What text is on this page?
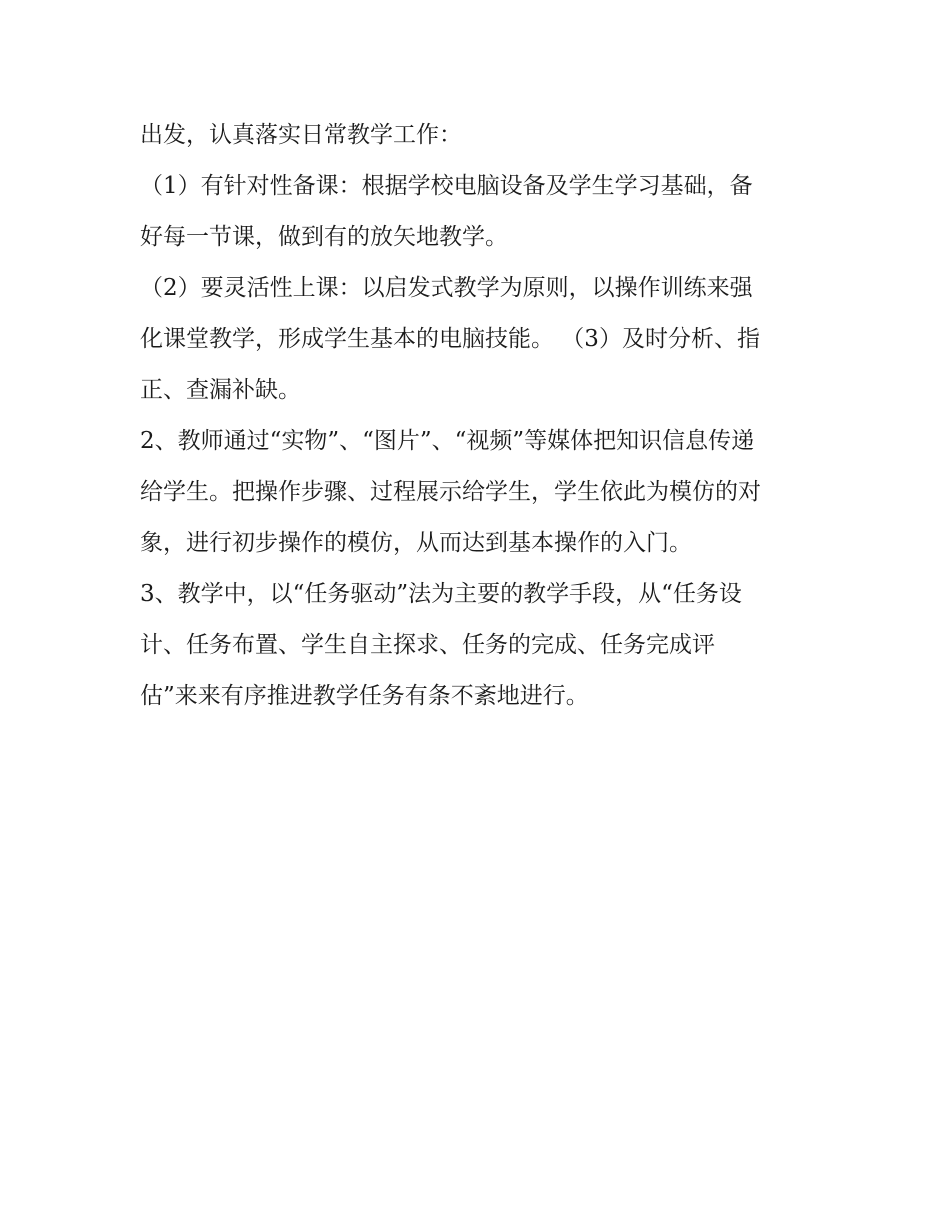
出发，认真落实日常教学工作：
（1）有针对性备课：根据学校电脑设备及学生学习基础，备
好每一节课，做到有的放矢地教学。
（2）要灵活性上课：以启发式教学为原则，以操作训练来强
化课堂教学，形成学生基本的电脑技能。 （3）及时分析、指
正、查漏补缺。
2、教师通过“实物”、“图片”、“视频”等媒体把知识信息传递
给学生。把操作步骤、过程展示给学生，学生依此为模仿的对
象，进行初步操作的模仿，从而达到基本操作的入门。
3、教学中，以“任务驱动”法为主要的教学手段，从“任务设
计、任务布置、学生自主探求、任务的完成、任务完成评
估”来来有序推进教学任务有条不紊地进行。
